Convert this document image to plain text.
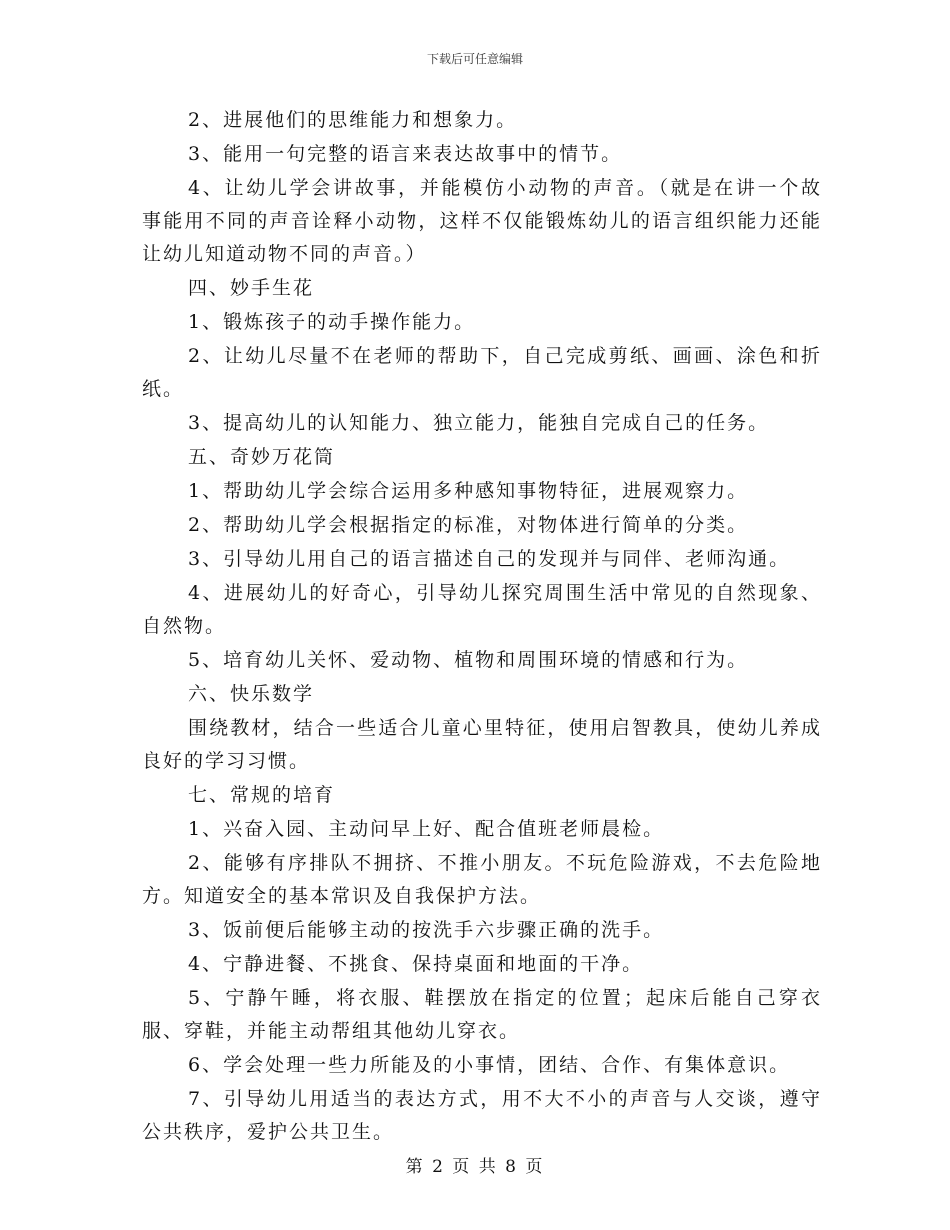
下载后可任意编辑

2、进展他们的思维能力和想象力。

3、能用一句完整的语言来表达故事中的情节。

4、让幼儿学会讲故事，并能模仿小动物的声音。（就是在讲一个故事能用不同的声音诠释小动物，这样不仅能锻炼幼儿的语言组织能力还能让幼儿知道动物不同的声音。）

四、妙手生花

1、锻炼孩子的动手操作能力。

2、让幼儿尽量不在老师的帮助下，自己完成剪纸、画画、涂色和折纸。

3、提高幼儿的认知能力、独立能力，能独自完成自己的任务。

五、奇妙万花筒

1、帮助幼儿学会综合运用多种感知事物特征，进展观察力。

2、帮助幼儿学会根据指定的标准，对物体进行简单的分类。

3、引导幼儿用自己的语言描述自己的发现并与同伴、老师沟通。

4、进展幼儿的好奇心，引导幼儿探究周围生活中常见的自然现象、自然物。

5、培育幼儿关怀、爱动物、植物和周围环境的情感和行为。

六、快乐数学

围绕教材，结合一些适合儿童心里特征，使用启智教具，使幼儿养成良好的学习习惯。

七、常规的培育

1、兴奋入园、主动问早上好、配合值班老师晨检。

2、能够有序排队不拥挤、不推小朋友。不玩危险游戏，不去危险地方。知道安全的基本常识及自我保护方法。

3、饭前便后能够主动的按洗手六步骤正确的洗手。

4、宁静进餐、不挑食、保持桌面和地面的干净。

5、宁静午睡，将衣服、鞋摆放在指定的位置；起床后能自己穿衣服、穿鞋，并能主动帮组其他幼儿穿衣。

6、学会处理一些力所能及的小事情，团结、合作、有集体意识。

7、引导幼儿用适当的表达方式，用不大不小的声音与人交谈，遵守公共秩序，爱护公共卫生。

第 2 页 共 8 页
